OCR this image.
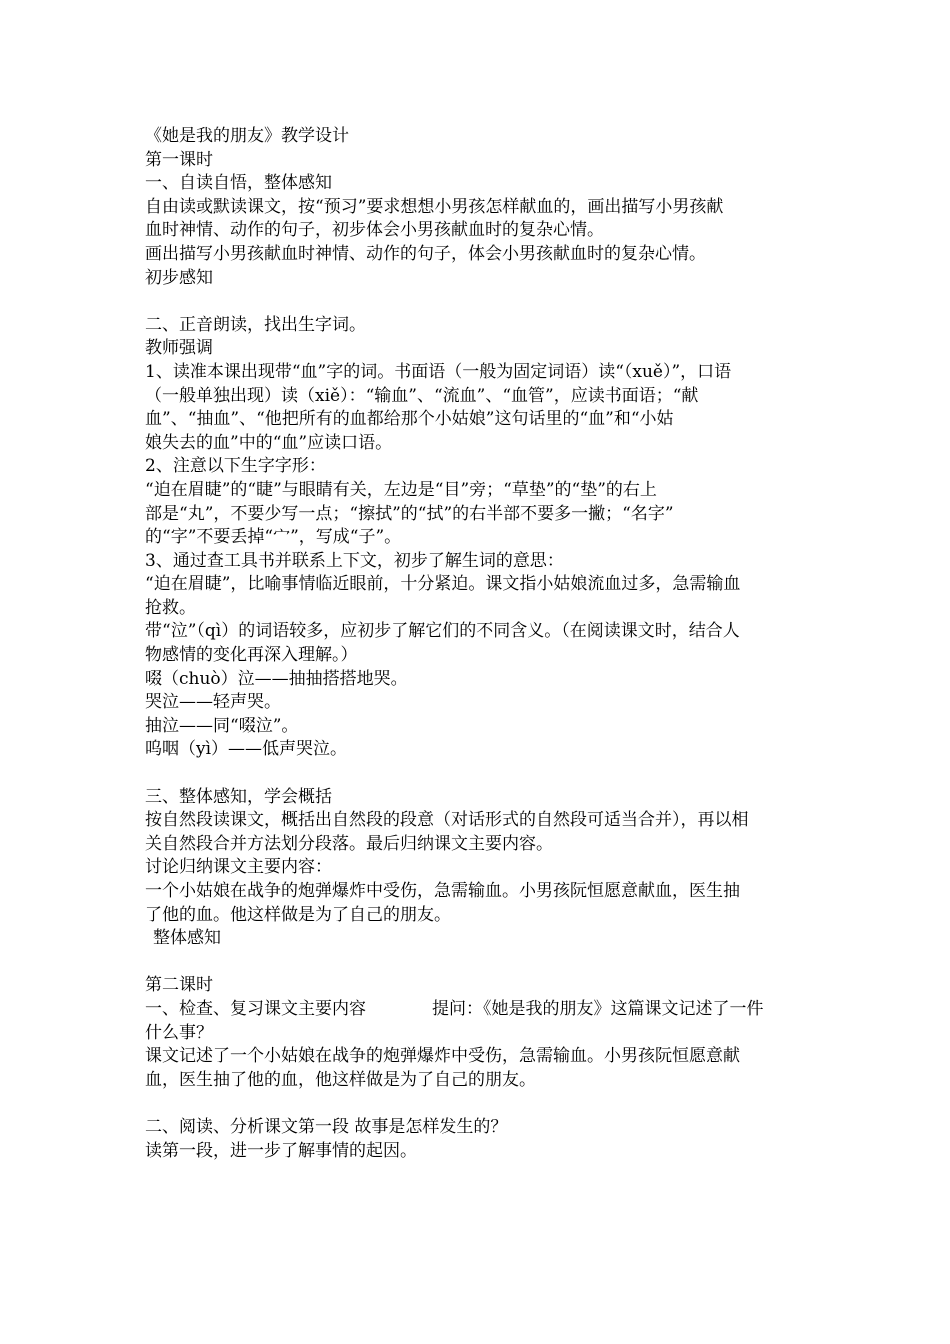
《她是我的朋友》教学设计
第一课时
一、自读自悟，整体感知
自由读或默读课文，按“预习”要求想想小男孩怎样献血的，画出描写小男孩献
血时神情、动作的句子，初步体会小男孩献血时的复杂心情。
画出描写小男孩献血时神情、动作的句子，体会小男孩献血时的复杂心情。
初步感知
二、正音朗读，找出生字词。
教师强调
1、读准本课出现带“血”字的词。书面语（一般为固定词语）读“（xuě）”，口语
（一般单独出现）读（xiě）：“输血”、“流血”、“血管”，应读书面语；“献
血”、“抽血”、“他把所有的血都给那个小姑娘”这句话里的“血”和“小姑
娘失去的血”中的“血”应读口语。
2、注意以下生字字形：
“迫在眉睫”的“睫”与眼睛有关，左边是“目”旁；“草垫”的“垫”的右上
部是“丸”，不要少写一点；“擦拭”的“拭”的右半部不要多一撇；“名字”
的“字”不要丢掉“宀”，写成“子”。
3、通过查工具书并联系上下文，初步了解生词的意思：
“迫在眉睫”，比喻事情临近眼前，十分紧迫。课文指小姑娘流血过多，急需输血
抢救。
带“泣”（qì）的词语较多，应初步了解它们的不同含义。（在阅读课文时，结合人
物感情的变化再深入理解。）
啜（chuò）泣——抽抽搭搭地哭。
哭泣——轻声哭。
抽泣——同“啜泣”。
呜咽（yì）——低声哭泣。
三、整体感知，学会概括
按自然段读课文，概括出自然段的段意（对话形式的自然段可适当合并），再以相
关自然段合并方法划分段落。最后归纳课文主要内容。
讨论归纳课文主要内容：
一个小姑娘在战争的炮弹爆炸中受伤，急需输血。小男孩阮恒愿意献血，医生抽
了他的血。他这样做是为了自己的朋友。
整体感知
第二课时
一、检查、复习课文主要内容	提问：《她是我的朋友》这篇课文记述了一件
什么事？
课文记述了一个小姑娘在战争的炮弹爆炸中受伤，急需输血。小男孩阮恒愿意献
血，医生抽了他的血，他这样做是为了自己的朋友。
二、阅读、分析课文第一段 故事是怎样发生的？
读第一段，进一步了解事情的起因。
